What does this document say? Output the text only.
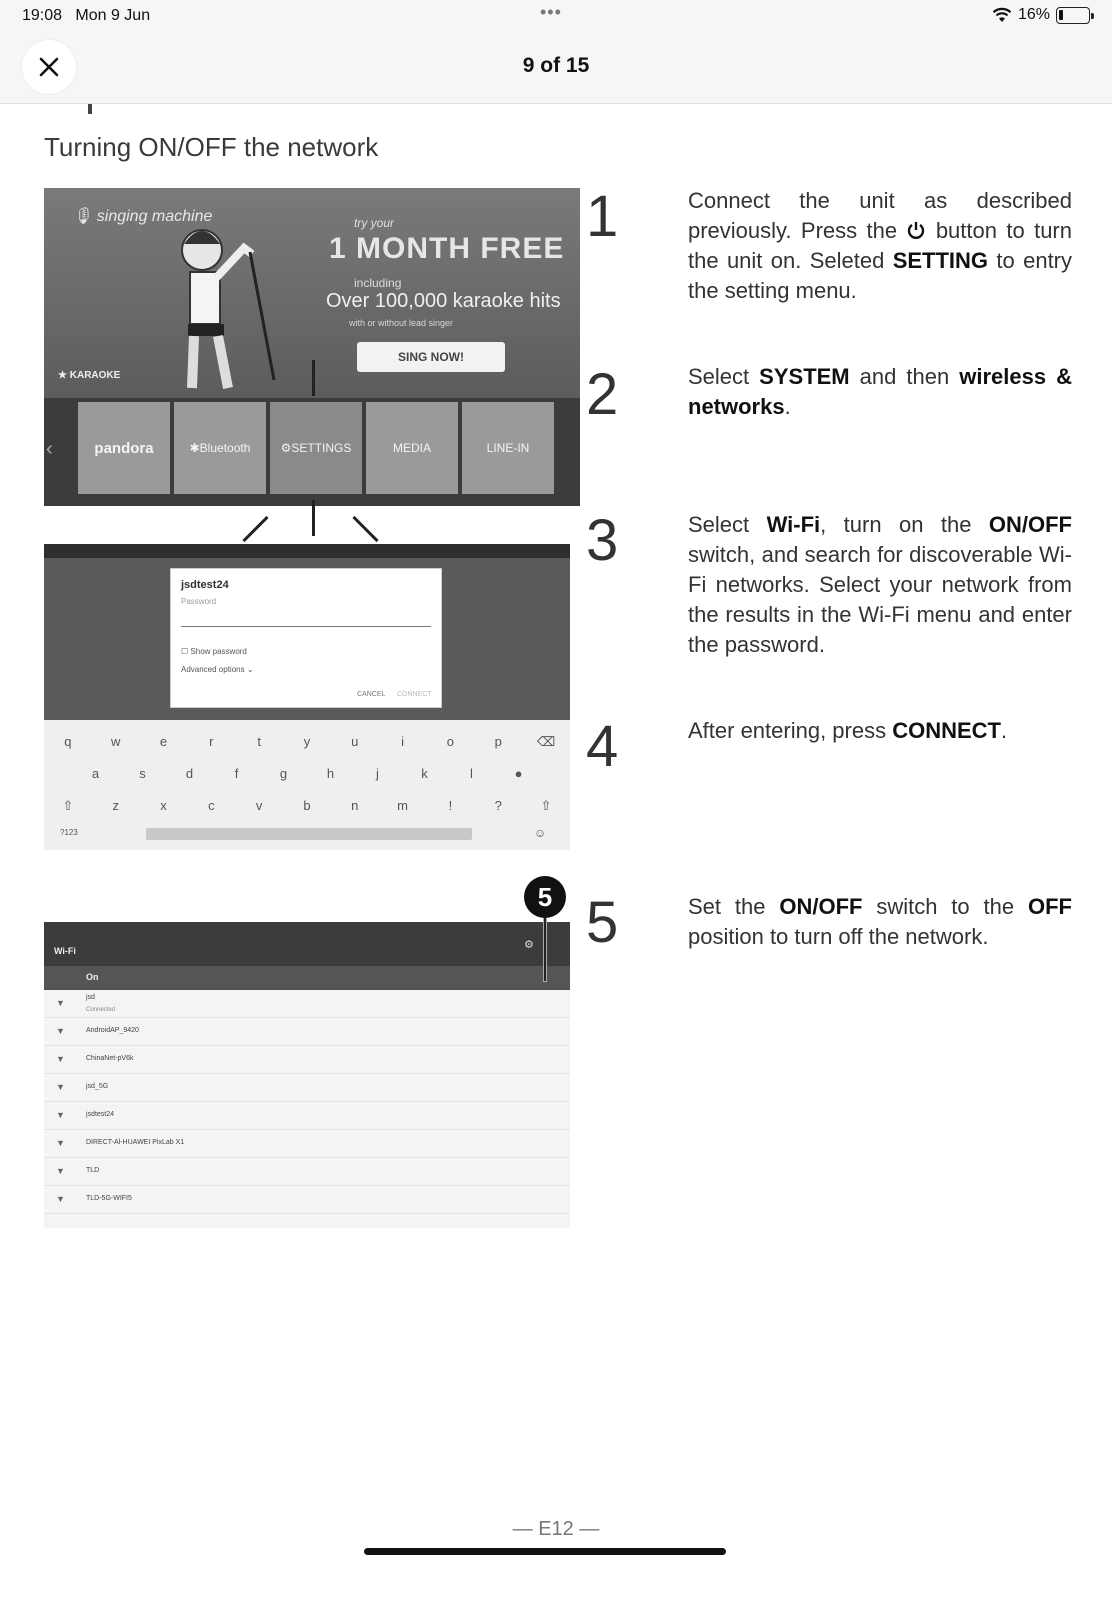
19:08 Mon 9 Jun	•••	16%
9 of 15
Turning ON/OFF the network
🎙 singing machine	try your
1 MONTH FREE
including
Over 100,000 karaoke hits
with or without lead singer
SING NOW!
★ KARAOKE
‹	pandora	✱ Bluetooth	⚙ SETTINGS	MEDIA	LINE-IN
jsdtest24
Password
☐ Show password
Advanced options ⌄
CANCEL CONNECT
q	w	e	r	t	y	u	i	o	p	⌫
a	s	d	f	g	h	j	k	l	●
⇧	z	x	c	v	b	n	m	!	?	⇧
?123	☺
Wi-Fi	⚙
On
▼
jsd
Connected
▼	AndroidAP_9420
▼	ChinaNet-pV6k
▼	jsd_5G
▼	jsdtest24
▼	DIRECT-Al-HUAWEI PixLab X1
▼	TLD
▼	TLD-5G-WIFI5
5
1
2
3
4
5
Connect the unit as described previously. Press the  button to turn the unit on. Seleted SETTING to entry the setting menu.
Select SYSTEM and then wireless & networks.
Select Wi-Fi, turn on the ON/OFF switch, and search for discoverable Wi-Fi networks. Select your network from the results in the Wi-Fi menu and enter the password.
After entering, press CONNECT.
Set the ON/OFF switch to the OFF position to turn off the network.
— E12 —
